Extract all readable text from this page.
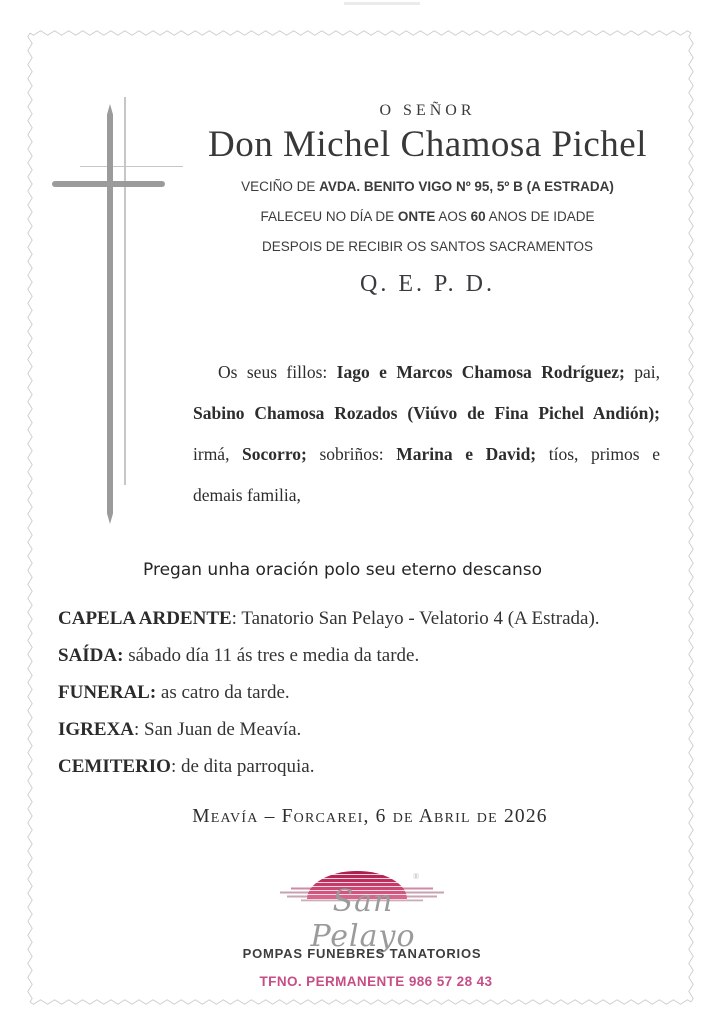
O SEÑOR
Don Michel Chamosa Pichel
VECIÑO DE AVDA. BENITO VIGO Nº 95, 5º B (A ESTRADA)
FALECEU NO DÍA DE ONTE AOS 60 ANOS DE IDADE
DESPOIS DE RECIBIR OS SANTOS SACRAMENTOS
Q. E. P. D.
Os seus fillos: Iago e Marcos Chamosa Rodríguez; pai,
Sabino Chamosa Rozados (Viúvo de Fina Pichel Andión);
irmá, Socorro; sobriños: Marina e David; tíos, primos e
demais familia,
Pregan unha oración polo seu eterno descanso
CAPELA ARDENTE: Tanatorio San Pelayo - Velatorio 4 (A Estrada).
SAÍDA: sábado día 11 ás tres e media da tarde.
FUNERAL: as catro da tarde.
IGREXA: San Juan de Meavía.
CEMITERIO: de dita parroquia.
Meavía – Forcarei, 6 de Abril de 2026
®
San Pelayo
POMPAS FUNEBRES TANATORIOS
TFNO. PERMANENTE 986 57 28 43
